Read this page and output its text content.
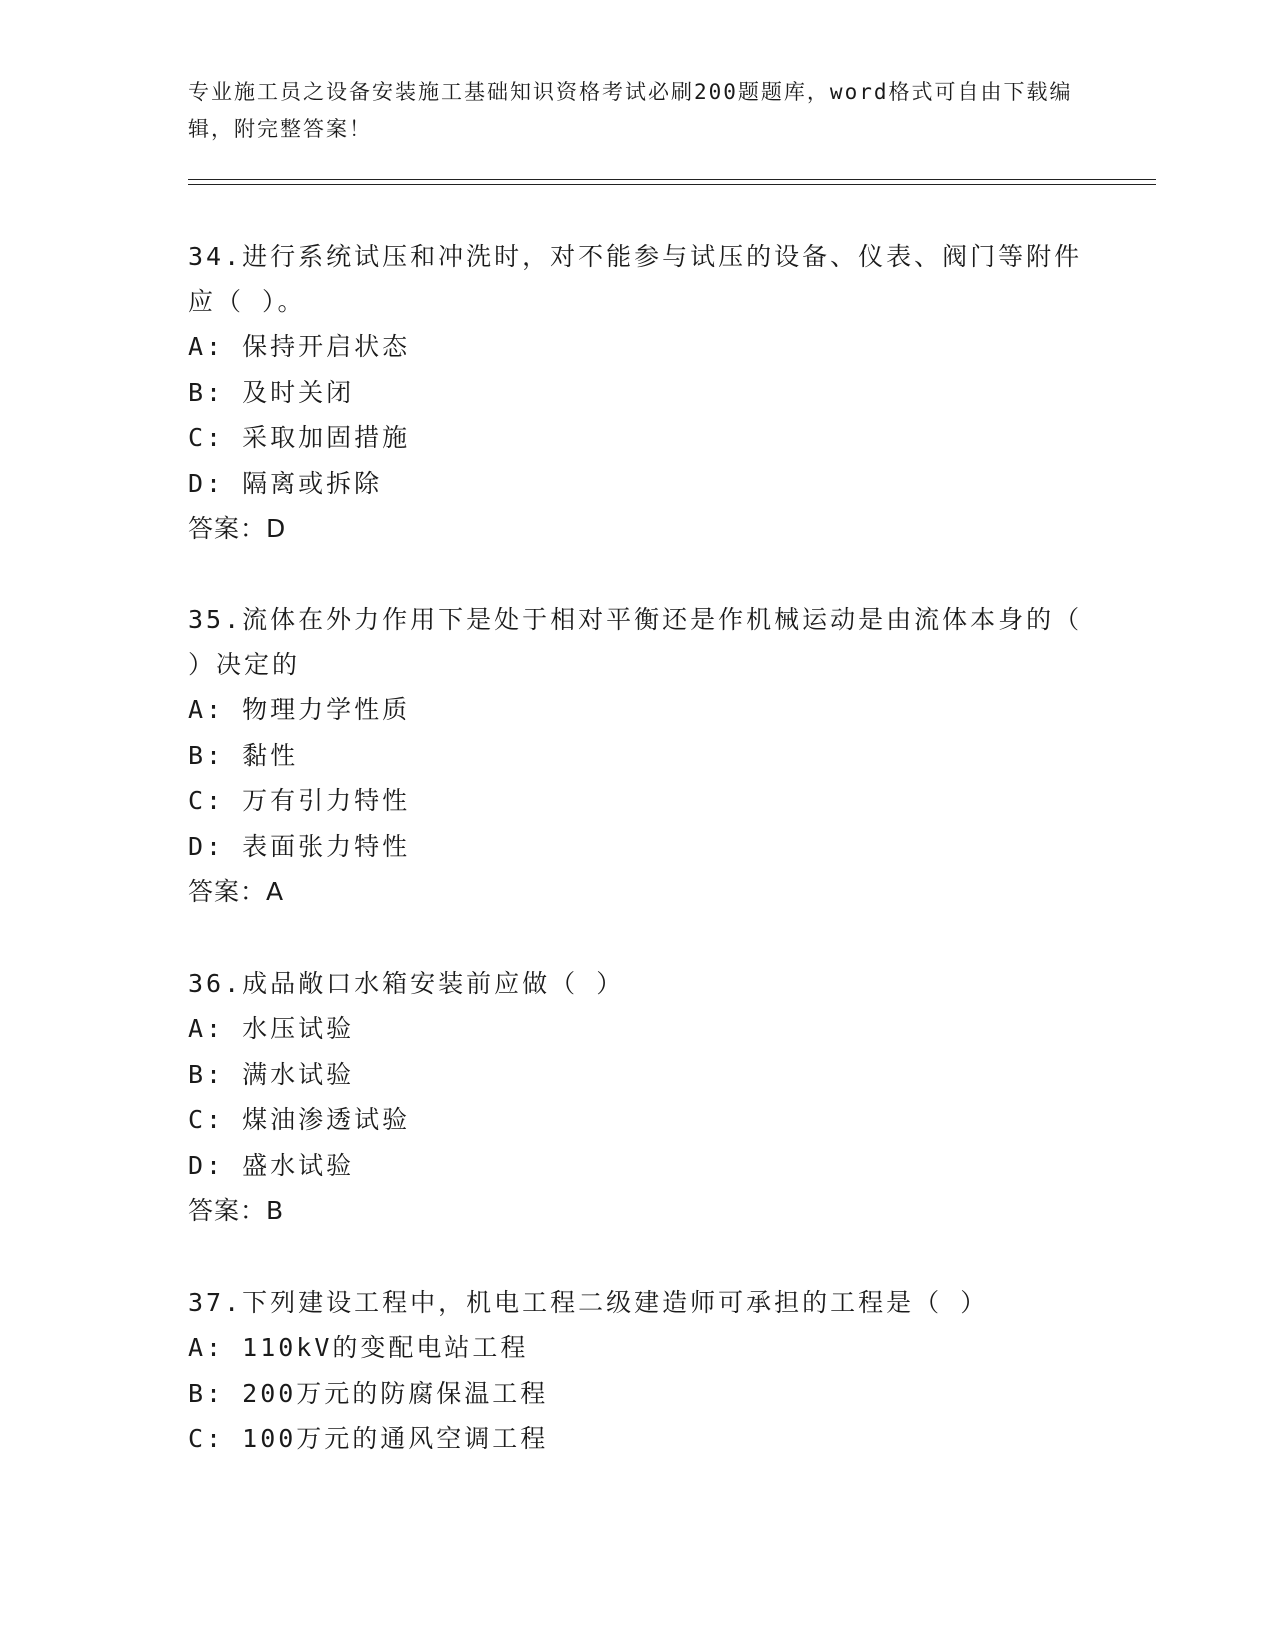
专业施工员之设备安装施工基础知识资格考试必刷200题题库，word格式可自由下载编辑，附完整答案！
34.进行系统试压和冲洗时，对不能参与试压的设备、仪表、阀门等附件应（ ）。
A: 保持开启状态
B: 及时关闭
C: 采取加固措施
D: 隔离或拆除
答案：D
35.流体在外力作用下是处于相对平衡还是作机械运动是由流体本身的（ ）决定的
A: 物理力学性质
B: 黏性
C: 万有引力特性
D: 表面张力特性
答案：A
36.成品敞口水箱安装前应做（ ）
A: 水压试验
B: 满水试验
C: 煤油渗透试验
D: 盛水试验
答案：B
37.下列建设工程中，机电工程二级建造师可承担的工程是（ ）
A: 110kV的变配电站工程
B: 200万元的防腐保温工程
C: 100万元的通风空调工程
